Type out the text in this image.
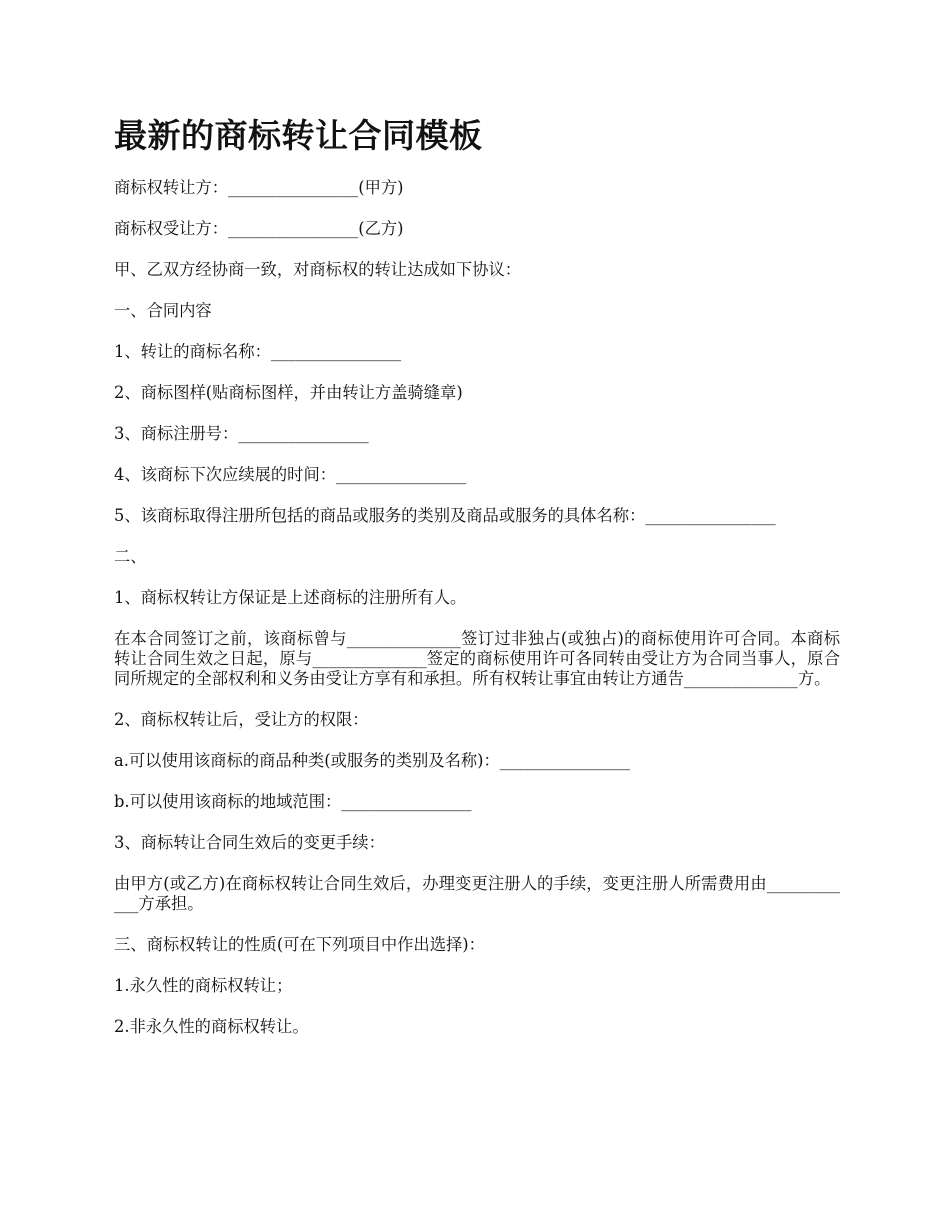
最新的商标转让合同模板

商标权转让方：________________(甲方)

商标权受让方：________________(乙方)

甲、乙双方经协商一致，对商标权的转让达成如下协议：

一、合同内容

1、转让的商标名称：________________

2、商标图样(贴商标图样，并由转让方盖骑缝章)

3、商标注册号：________________

4、该商标下次应续展的时间：________________

5、该商标取得注册所包括的商品或服务的类别及商品或服务的具体名称：________________

二、

1、商标权转让方保证是上述商标的注册所有人。

在本合同签订之前，该商标曾与______________签订过非独占(或独占)的商标使用许可合同。本商标转让合同生效之日起，原与______________签定的商标使用许可各同转由受让方为合同当事人，原合同所规定的全部权利和义务由受让方享有和承担。所有权转让事宜由转让方通告______________方。

2、商标权转让后，受让方的权限：

a.可以使用该商标的商品种类(或服务的类别及名称)：________________

b.可以使用该商标的地域范围：________________

3、商标转让合同生效后的变更手续：

由甲方(或乙方)在商标权转让合同生效后，办理变更注册人的手续，变更注册人所需费用由____________方承担。

三、商标权转让的性质(可在下列项目中作出选择)：

1.永久性的商标权转让；

2.非永久性的商标权转让。
